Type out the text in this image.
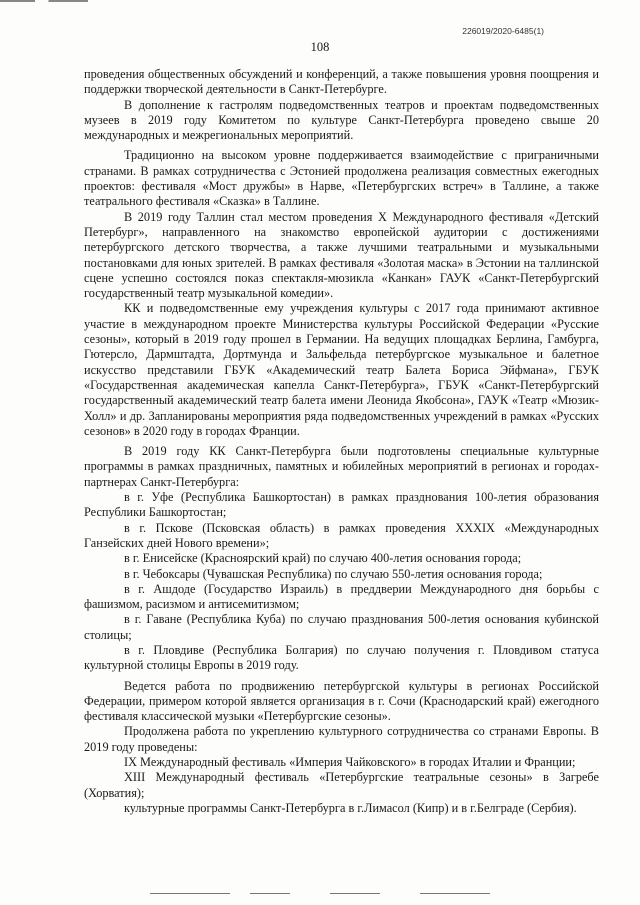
226019/2020-6485(1)
108

проведения общественных обсуждений и конференций, а также повышения уровня поощрения и поддержки творческой деятельности в Санкт-Петербурге.

В дополнение к гастролям подведомственных театров и проектам подведомственных музеев в 2019 году Комитетом по культуре Санкт-Петербурга проведено свыше 20 международных и межрегиональных мероприятий.

Традиционно на высоком уровне поддерживается взаимодействие с приграничными странами. В рамках сотрудничества с Эстонией продолжена реализация совместных ежегодных проектов: фестиваля «Мост дружбы» в Нарве, «Петербургских встреч» в Таллине, а также театрального фестиваля «Сказка» в Таллине.

В 2019 году Таллин стал местом проведения X Международного фестиваля «Детский Петербург», направленного на знакомство европейской аудитории с достижениями петербургского детского творчества, а также лучшими театральными и музыкальными постановками для юных зрителей. В рамках фестиваля «Золотая маска» в Эстонии на таллинской сцене успешно состоялся показ спектакля-мюзикла «Канкан» ГАУК «Санкт-Петербургский государственный театр музыкальной комедии».

КК и подведомственные ему учреждения культуры с 2017 года принимают активное участие в международном проекте Министерства культуры Российской Федерации «Русские сезоны», который в 2019 году прошел в Германии. На ведущих площадках Берлина, Гамбурга, Гютерсло, Дармштадта, Дортмунда и Зальфельда петербургское музыкальное и балетное искусство представили ГБУК «Академический театр Балета Бориса Эйфмана», ГБУК «Государственная академическая капелла Санкт-Петербурга», ГБУК «Санкт-Петербургский государственный академический театр балета имени Леонида Якобсона», ГАУК «Театр «Мюзик-Холл» и др. Запланированы мероприятия ряда подведомственных учреждений в рамках «Русских сезонов» в 2020 году в городах Франции.

В 2019 году КК Санкт-Петербурга были подготовлены специальные культурные программы в рамках праздничных, памятных и юбилейных мероприятий в регионах и городах-партнерах Санкт-Петербурга:

в г. Уфе (Республика Башкортостан) в рамках празднования 100-летия образования Республики Башкортостан;

в г. Пскове (Псковская область) в рамках проведения XXXIX «Международных Ганзейских дней Нового времени»;

в г. Енисейске (Красноярский край) по случаю 400-летия основания города;

в г. Чебоксары (Чувашская Республика) по случаю 550-летия основания города;

в г. Ашдоде (Государство Израиль) в преддверии Международного дня борьбы с фашизмом, расизмом и антисемитизмом;

в г. Гаване (Республика Куба) по случаю празднования 500-летия основания кубинской столицы;

в г. Пловдиве (Республика Болгария) по случаю получения г. Пловдивом статуса культурной столицы Европы в 2019 году.

Ведется работа по продвижению петербургской культуры в регионах Российской Федерации, примером которой является организация в г. Сочи (Краснодарский край) ежегодного фестиваля классической музыки «Петербургские сезоны».

Продолжена работа по укреплению культурного сотрудничества со странами Европы. В 2019 году проведены:

IX Международный фестиваль «Империя Чайковского» в городах Италии и Франции;

XIII Международный фестиваль «Петербургские театральные сезоны» в Загребе (Хорватия);

культурные программы Санкт-Петербурга в г.Лимасол (Кипр) и в г.Белграде (Сербия).
